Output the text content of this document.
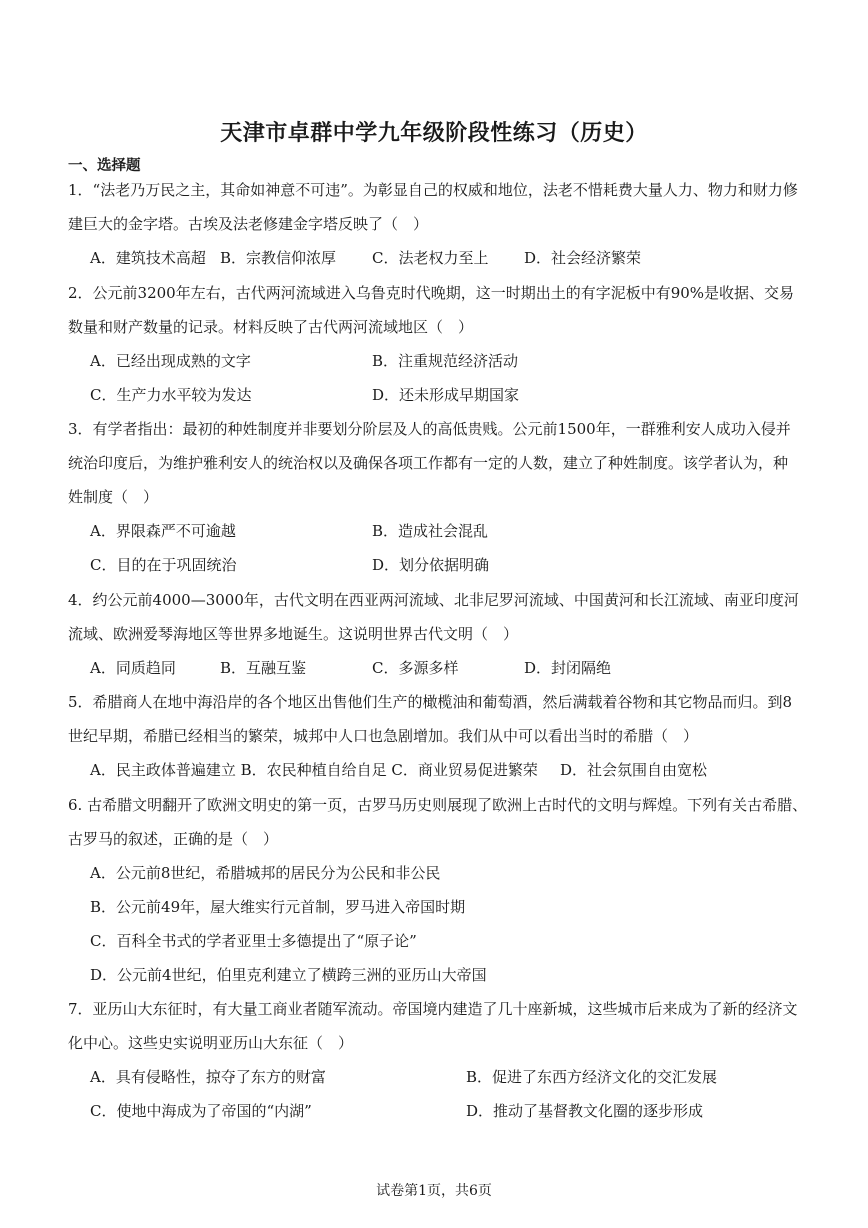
天津市卓群中学九年级阶段性练习（历史）
一、选择题
1．“法老乃万民之主，其命如神意不可违”。为彰显自己的权威和地位，法老不惜耗费大量人力、物力和财力修
建巨大的金字塔。古埃及法老修建金字塔反映了（　）
A．建筑技术高超 B．宗教信仰浓厚 C．法老权力至上 D．社会经济繁荣
2．公元前3200年左右，古代两河流域进入乌鲁克时代晚期，这一时期出土的有字泥板中有90%是收据、交易
数量和财产数量的记录。材料反映了古代两河流域地区（　）
A．已经出现成熟的文字	B．注重规范经济活动
C．生产力水平较为发达	D．还未形成早期国家
3．有学者指出：最初的种姓制度并非要划分阶层及人的高低贵贱。公元前1500年，一群雅利安人成功入侵并
统治印度后，为维护雅利安人的统治权以及确保各项工作都有一定的人数，建立了种姓制度。该学者认为，种
姓制度（　）
A．界限森严不可逾越	B．造成社会混乱
C．目的在于巩固统治	D．划分依据明确
4．约公元前4000—3000年，古代文明在西亚两河流域、北非尼罗河流域、中国黄河和长江流域、南亚印度河
流域、欧洲爱琴海地区等世界多地诞生。这说明世界古代文明（　）
A．同质趋同	B．互融互鉴	C．多源多样	D．封闭隔绝
5．希腊商人在地中海沿岸的各个地区出售他们生产的橄榄油和葡萄酒，然后满载着谷物和其它物品而归。到8
世纪早期，希腊已经相当的繁荣，城邦中人口也急剧增加。我们从中可以看出当时的希腊（　）
A．民主政体普遍建立 B．农民种植自给自足 C．商业贸易促进繁荣 D．社会氛围自由宽松
6. 古希腊文明翻开了欧洲文明史的第一页，古罗马历史则展现了欧洲上古时代的文明与辉煌。下列有关古希腊、
古罗马的叙述，正确的是（　）
A．公元前8世纪，希腊城邦的居民分为公民和非公民
B．公元前49年，屋大维实行元首制，罗马进入帝国时期
C．百科全书式的学者亚里士多德提出了“原子论”
D．公元前4世纪，伯里克利建立了横跨三洲的亚历山大帝国
7．亚历山大东征时，有大量工商业者随军流动。帝国境内建造了几十座新城，这些城市后来成为了新的经济文
化中心。这些史实说明亚历山大东征（　）
A．具有侵略性，掠夺了东方的财富	B．促进了东西方经济文化的交汇发展
C．使地中海成为了帝国的“内湖”	D．推动了基督教文化圈的逐步形成
试卷第1页，共6页
